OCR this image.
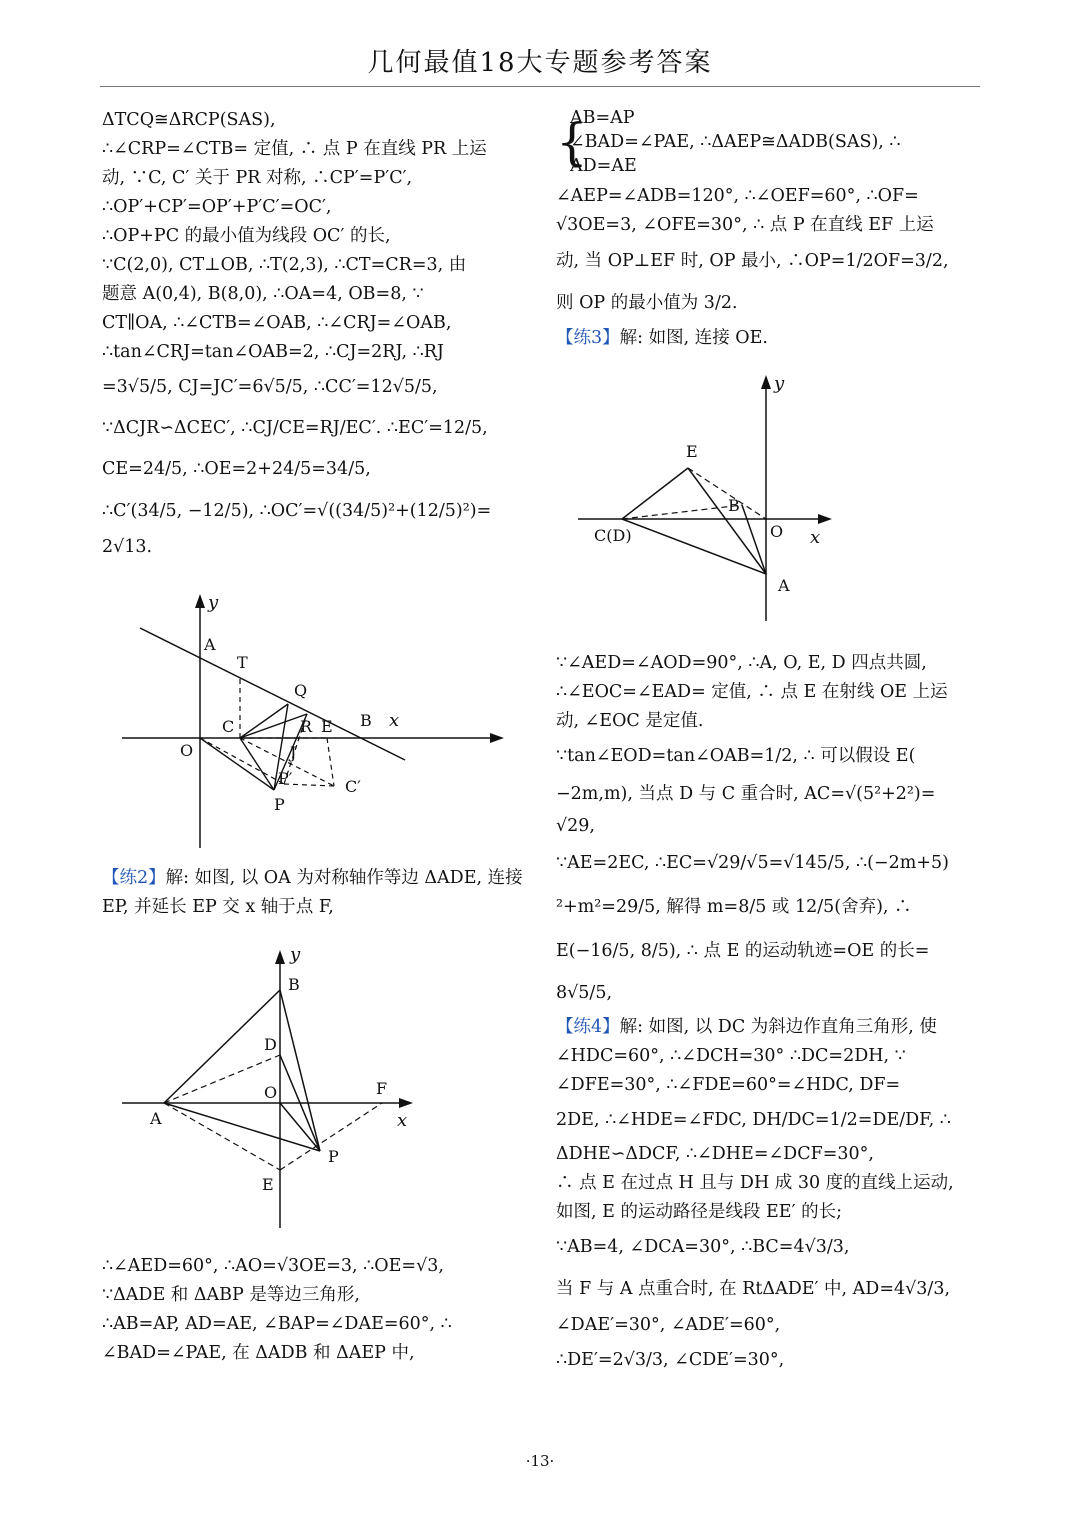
几何最值18大专题参考答案
ΔTCQ≅ΔRCP(SAS),
∴∠CRP=∠CTB= 定值, ∴ 点 P 在直线 PR 上运
动, ∵C, C′ 关于 PR 对称, ∴CP′=P′C′,
∴OP′+CP′=OP′+P′C′=OC′,
∴OP+PC 的最小值为线段 OC′ 的长,
∵C(2,0), CT⊥OB, ∴T(2,3), ∴CT=CR=3, 由
题意 A(0,4), B(8,0), ∴OA=4, OB=8, ∵
CT∥OA, ∴∠CTB=∠OAB, ∴∠CRJ=∠OAB,
∴tan∠CRJ=tan∠OAB=2, ∴CJ=2RJ, ∴RJ
=3√5/5, CJ=JC′=6√5/5, ∴CC′=12√5/5,
∵ΔCJR∽ΔCEC′, ∴CJ/CE=RJ/EC′. ∴EC′=12/5,
CE=24/5, ∴OE=2+24/5=34/5,
∴C′(34/5, −12/5), ∴OC′=√((34/5)²+(12/5)²)=
2√13.
y
A
T
Q
C	R E B x
O	J
P′	C′
P
【练2】解: 如图, 以 OA 为对称轴作等边 ΔADE, 连接
EP, 并延长 EP 交 x 轴于点 F,
y
B
D
O	F
A	x
P
E
∴∠AED=60°, ∴AO=√3OE=3, ∴OE=√3,
∵ΔADE 和 ΔABP 是等边三角形,
∴AB=AP, AD=AE, ∠BAP=∠DAE=60°, ∴
∠BAD=∠PAE, 在 ΔADB 和 ΔAEP 中,
{
AB=AP
∠BAD=∠PAE, ∴ΔAEP≅ΔADB(SAS), ∴
AD=AE
∠AEP=∠ADB=120°, ∴∠OEF=60°, ∴OF=
√3OE=3, ∠OFE=30°, ∴ 点 P 在直线 EF 上运
动, 当 OP⊥EF 时, OP 最小, ∴OP=1/2OF=3/2,
则 OP 的最小值为 3/2.
【练3】解: 如图, 连接 OE.
y
E
B
C(D)	O x
A
∵∠AED=∠AOD=90°, ∴A, O, E, D 四点共圆,
∴∠EOC=∠EAD= 定值, ∴ 点 E 在射线 OE 上运
动, ∠EOC 是定值.
∵tan∠EOD=tan∠OAB=1/2, ∴ 可以假设 E(
−2m,m), 当点 D 与 C 重合时, AC=√(5²+2²)=
√29,
∵AE=2EC, ∴EC=√29/√5=√145/5, ∴(−2m+5)
²+m²=29/5, 解得 m=8/5 或 12/5(舍弃), ∴
E(−16/5, 8/5), ∴ 点 E 的运动轨迹=OE 的长=
8√5/5,
【练4】解: 如图, 以 DC 为斜边作直角三角形, 使
∠HDC=60°, ∴∠DCH=30° ∴DC=2DH, ∵
∠DFE=30°, ∴∠FDE=60°=∠HDC, DF=
2DE, ∴∠HDE=∠FDC, DH/DC=1/2=DE/DF, ∴
ΔDHE∽ΔDCF, ∴∠DHE=∠DCF=30°,
∴ 点 E 在过点 H 且与 DH 成 30 度的直线上运动,
如图, E 的运动路径是线段 EE′ 的长;
∵AB=4, ∠DCA=30°, ∴BC=4√3/3,
当 F 与 A 点重合时, 在 RtΔADE′ 中, AD=4√3/3,
∠DAE′=30°, ∠ADE′=60°,
∴DE′=2√3/3, ∠CDE′=30°,
·13·
